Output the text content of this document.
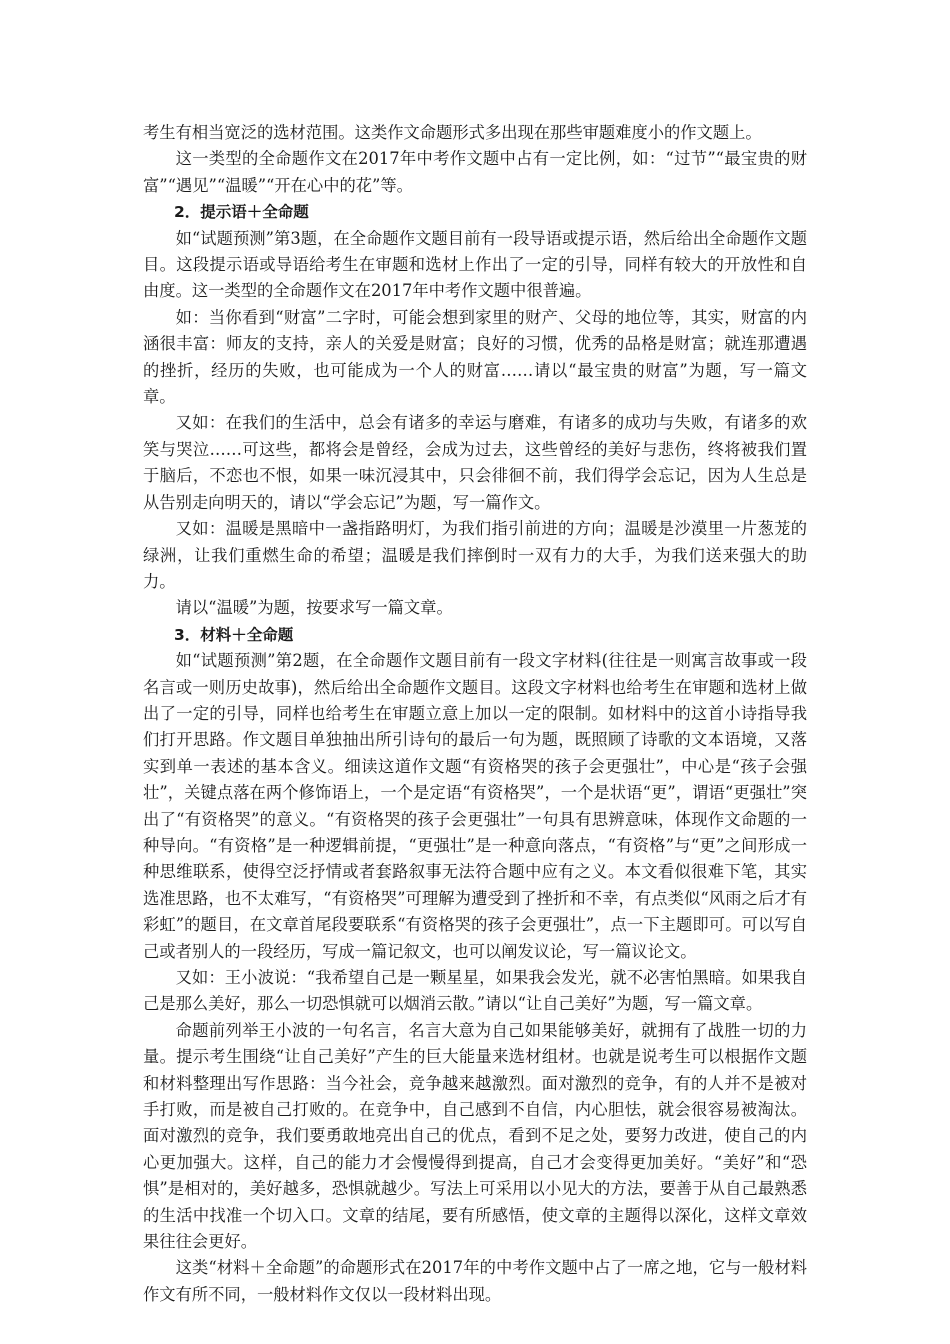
考生有相当宽泛的选材范围。这类作文命题形式多出现在那些审题难度小的作文题上。

这一类型的全命题作文在2017年中考作文题中占有一定比例，如：“过节”“最宝贵的财富”“遇见”“温暖”“开在心中的花”等。

2．提示语＋全命题

如“试题预测”第3题，在全命题作文题目前有一段导语或提示语，然后给出全命题作文题目。这段提示语或导语给考生在审题和选材上作出了一定的引导，同样有较大的开放性和自由度。这一类型的全命题作文在2017年中考作文题中很普遍。

如：当你看到“财富”二字时，可能会想到家里的财产、父母的地位等，其实，财富的内涵很丰富：师友的支持，亲人的关爱是财富；良好的习惯，优秀的品格是财富；就连那遭遇的挫折，经历的失败，也可能成为一个人的财富……请以“最宝贵的财富”为题，写一篇文章。

又如：在我们的生活中，总会有诸多的幸运与磨难，有诸多的成功与失败，有诸多的欢笑与哭泣……可这些，都将会是曾经，会成为过去，这些曾经的美好与悲伤，终将被我们置于脑后，不恋也不恨，如果一味沉浸其中，只会徘徊不前，我们得学会忘记，因为人生总是从告别走向明天的，请以“学会忘记”为题，写一篇作文。

又如：温暖是黑暗中一盏指路明灯，为我们指引前进的方向；温暖是沙漠里一片葱茏的绿洲，让我们重燃生命的希望；温暖是我们摔倒时一双有力的大手，为我们送来强大的助力。

请以“温暖”为题，按要求写一篇文章。

3．材料＋全命题

如“试题预测”第2题，在全命题作文题目前有一段文字材料(往往是一则寓言故事或一段名言或一则历史故事)，然后给出全命题作文题目。这段文字材料也给考生在审题和选材上做出了一定的引导，同样也给考生在审题立意上加以一定的限制。如材料中的这首小诗指导我们打开思路。作文题目单独抽出所引诗句的最后一句为题，既照顾了诗歌的文本语境，又落实到单一表述的基本含义。细读这道作文题“有资格哭的孩子会更强壮”，中心是“孩子会强壮”，关键点落在两个修饰语上，一个是定语“有资格哭”，一个是状语“更”，谓语“更强壮”突出了“有资格哭”的意义。“有资格哭的孩子会更强壮”一句具有思辨意味，体现作文命题的一种导向。“有资格”是一种逻辑前提，“更强壮”是一种意向落点，“有资格”与“更”之间形成一种思维联系，使得空泛抒情或者套路叙事无法符合题中应有之义。本文看似很难下笔，其实选准思路，也不太难写，“有资格哭”可理解为遭受到了挫折和不幸，有点类似“风雨之后才有彩虹”的题目，在文章首尾段要联系“有资格哭的孩子会更强壮”，点一下主题即可。可以写自己或者别人的一段经历，写成一篇记叙文，也可以阐发议论，写一篇议论文。

又如：王小波说：“我希望自己是一颗星星，如果我会发光，就不必害怕黑暗。如果我自己是那么美好，那么一切恐惧就可以烟消云散。”请以“让自己美好”为题，写一篇文章。

命题前列举王小波的一句名言，名言大意为自己如果能够美好，就拥有了战胜一切的力量。提示考生围绕“让自己美好”产生的巨大能量来选材组材。也就是说考生可以根据作文题和材料整理出写作思路：当今社会，竞争越来越激烈。面对激烈的竞争，有的人并不是被对手打败，而是被自己打败的。在竞争中，自己感到不自信，内心胆怯，就会很容易被淘汰。面对激烈的竞争，我们要勇敢地亮出自己的优点，看到不足之处，要努力改进，使自己的内心更加强大。这样，自己的能力才会慢慢得到提高，自己才会变得更加美好。“美好”和“恐惧”是相对的，美好越多，恐惧就越少。写法上可采用以小见大的方法，要善于从自己最熟悉的生活中找准一个切入口。文章的结尾，要有所感悟，使文章的主题得以深化，这样文章效果往往会更好。

这类“材料＋全命题”的命题形式在2017年的中考作文题中占了一席之地，它与一般材料作文有所不同，一般材料作文仅以一段材料出现。
